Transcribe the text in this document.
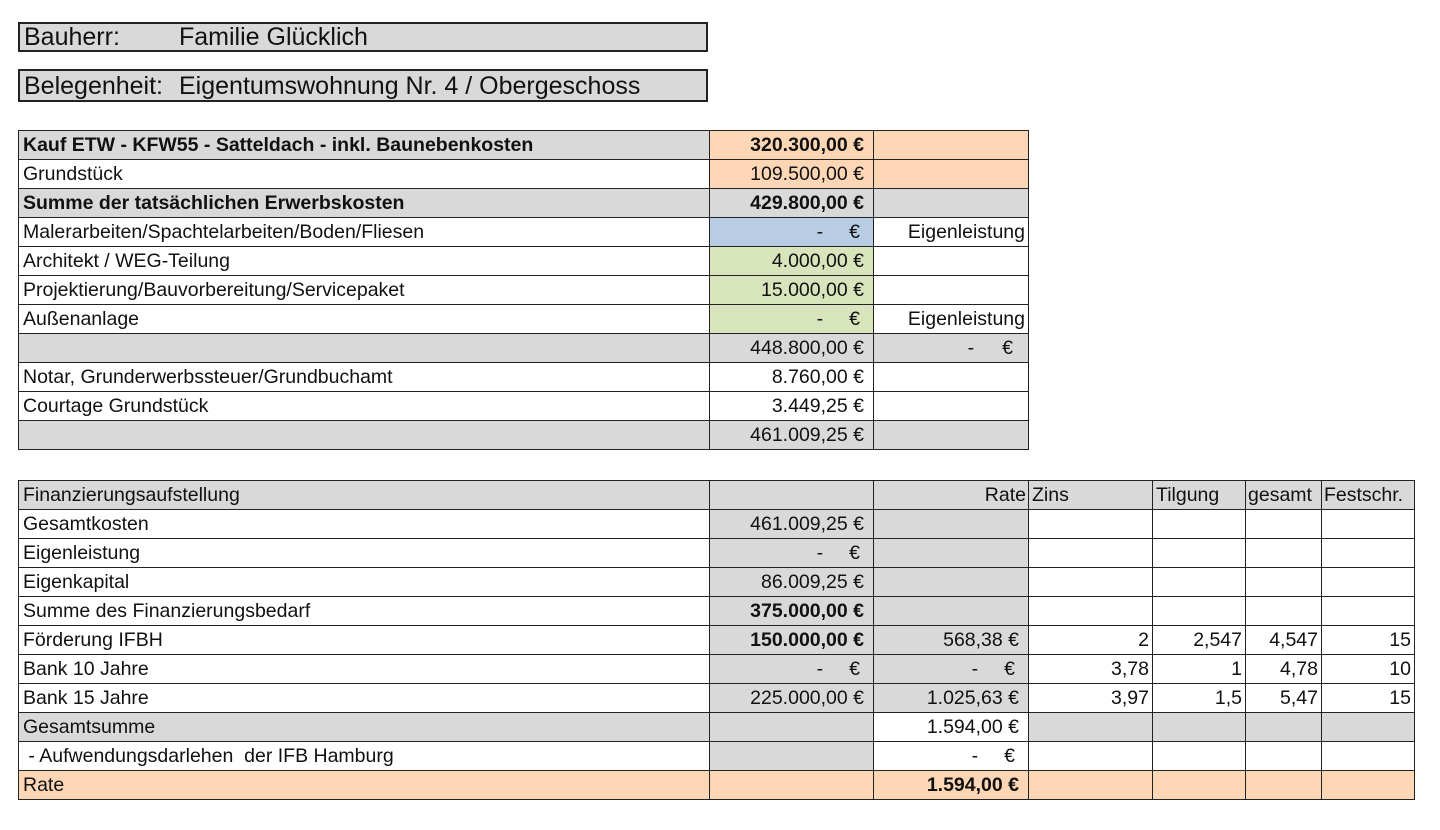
Bauherr: Familie Glücklich
Belegenheit: Eigentumswohnung Nr. 4 / Obergeschoss
Kauf ETW - KFW55 - Satteldach - inkl. Baunebenkosten	320.300,00 €	
Grundstück	109.500,00 €	
Summe der tatsächlichen Erwerbskosten	429.800,00 €	
Malerarbeiten/Spachtelarbeiten/Boden/Fliesen	- €	Eigenleistung
Architekt / WEG-Teilung	4.000,00 €	
Projektierung/Bauvorbereitung/Servicepaket	15.000,00 €	
Außenanlage	- €	Eigenleistung
	448.800,00 €	- €

Notar, Grunderwerbssteuer/Grundbuchamt	8.760,00 €	
Courtage Grundstück	3.449,25 €	
	461.009,25 €	
Finanzierungsaufstellung		Rate	Zins	Tilgung	gesamt	Festschr.
Gesamtkosten	461.009,25 €					
Eigenleistung	- €					

Eigenkapital	86.009,25 €					
Summe des Finanzierungsbedarf	375.000,00 €					
Förderung IFBH	150.000,00 €	568,38 €	2	2,547	4,547	15
Bank 10 Jahre	- €	- €	3,78	1	4,78	10
Bank 15 Jahre	225.000,00 €	1.025,63 €	3,97	1,5	5,47	15
Gesamtsumme		1.594,00 €				
- Aufwendungsdarlehen  der IFB Hamburg		- €				

Rate		1.594,00 €				
